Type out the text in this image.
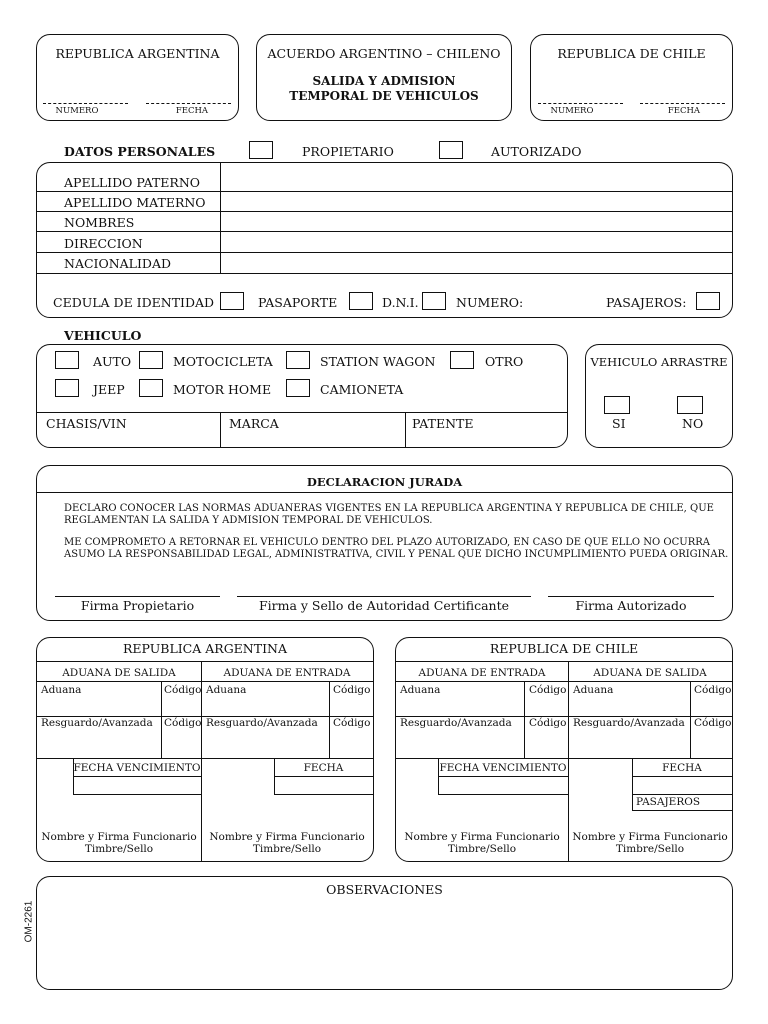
REPUBLICA ARGENTINA
NUMERO	FECHA
ACUERDO ARGENTINO – CHILENO
SALIDA Y ADMISION
TEMPORAL DE VEHICULOS
REPUBLICA DE CHILE
NUMERO	FECHA
DATOS PERSONALES	PROPIETARIO	AUTORIZADO
APELLIDO PATERNO
APELLIDO MATERNO
NOMBRES
DIRECCION
NACIONALIDAD
CEDULA DE IDENTIDAD	PASAPORTE	D.N.I.	NUMERO:	PASAJEROS:
VEHICULO
AUTO	MOTOCICLETA	STATION WAGON	OTRO
JEEP	MOTOR HOME	CAMIONETA
CHASIS/VIN	MARCA	PATENTE
VEHICULO ARRASTRE
SI	NO
DECLARACION JURADA
DECLARO CONOCER LAS NORMAS ADUANERAS VIGENTES EN LA REPUBLICA ARGENTINA Y REPUBLICA DE CHILE, QUE
REGLAMENTAN LA SALIDA Y ADMISION TEMPORAL DE VEHICULOS.
ME COMPROMETO A RETORNAR EL VEHICULO DENTRO DEL PLAZO AUTORIZADO, EN CASO DE QUE ELLO NO OCURRA
ASUMO LA RESPONSABILIDAD LEGAL, ADMINISTRATIVA, CIVIL Y PENAL QUE DICHO INCUMPLIMIENTO PUEDA ORIGINAR.
Firma Propietario	Firma y Sello de Autoridad Certificante	Firma Autorizado
REPUBLICA ARGENTINA
ADUANA DE SALIDA	ADUANA DE ENTRADA
Aduana	Código Aduana	Código
Resguardo/Avanzada Código Resguardo/Avanzada Código
FECHA VENCIMIENTO	FECHA
Nombre y Firma Funcionario
Timbre/Sello
Nombre y Firma Funcionario
Timbre/Sello
REPUBLICA DE CHILE
ADUANA DE ENTRADA	ADUANA DE SALIDA
Aduana	Código Aduana	Código
Resguardo/Avanzada Código Resguardo/Avanzada Código
FECHA VENCIMIENTO	FECHA
PASAJEROS
Nombre y Firma Funcionario
Timbre/Sello
Nombre y Firma Funcionario
Timbre/Sello
OBSERVACIONES
OM-2261
